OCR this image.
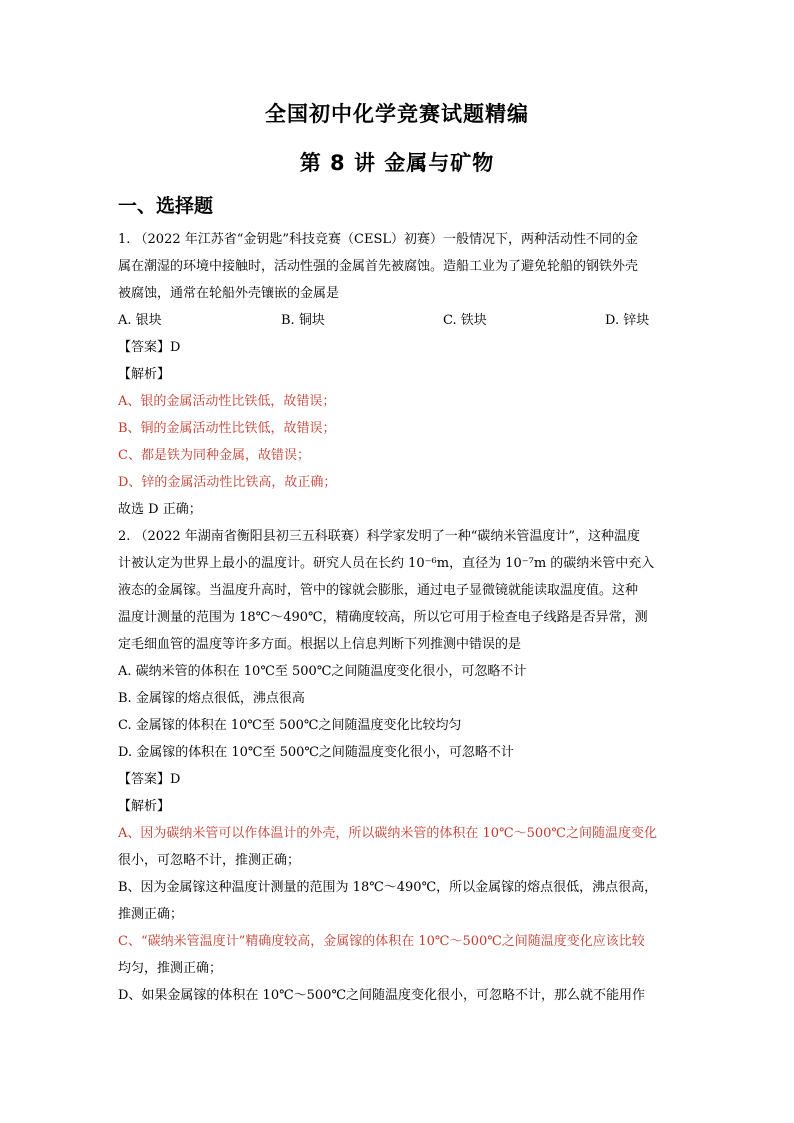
全国初中化学竞赛试题精编
第 8 讲 金属与矿物
一、选择题
1. （2022 年江苏省“金钥匙”科技竞赛（CESL）初赛）一般情况下，两种活动性不同的金
属在潮湿的环境中接触时，活动性强的金属首先被腐蚀。造船工业为了避免轮船的钢铁外壳
被腐蚀，通常在轮船外壳镶嵌的金属是
A. 银块	B. 铜块	C. 铁块	D. 锌块
【答案】D
【解析】
A、银的金属活动性比铁低，故错误；
B、铜的金属活动性比铁低，故错误；
C、都是铁为同种金属，故错误；
D、锌的金属活动性比铁高，故正确；
故选 D 正确；
2. （2022 年湖南省衡阳县初三五科联赛）科学家发明了一种“碳纳米管温度计”，这种温度
计被认定为世界上最小的温度计。研究人员在长约 10⁻⁶m，直径为 10⁻⁷m 的碳纳米管中充入
液态的金属镓。当温度升高时，管中的镓就会膨胀，通过电子显微镜就能读取温度值。这种
温度计测量的范围为 18℃～490℃，精确度较高，所以它可用于检查电子线路是否异常，测
定毛细血管的温度等许多方面。根据以上信息判断下列推测中错误的是
A. 碳纳米管的体积在 10℃至 500℃之间随温度变化很小，可忽略不计
B. 金属镓的熔点很低，沸点很高
C. 金属镓的体积在 10℃至 500℃之间随温度变化比较均匀
D. 金属镓的体积在 10℃至 500℃之间随温度变化很小，可忽略不计
【答案】D
【解析】
A、因为碳纳米管可以作体温计的外壳，所以碳纳米管的体积在 10℃～500℃之间随温度变化
很小，可忽略不计，推测正确；
B、因为金属镓这种温度计测量的范围为 18℃～490℃，所以金属镓的熔点很低，沸点很高，
推测正确；
C、“碳纳米管温度计”精确度较高，金属镓的体积在 10℃～500℃之间随温度变化应该比较
均匀，推测正确；
D、如果金属镓的体积在 10℃～500℃之间随温度变化很小，可忽略不计，那么就不能用作
